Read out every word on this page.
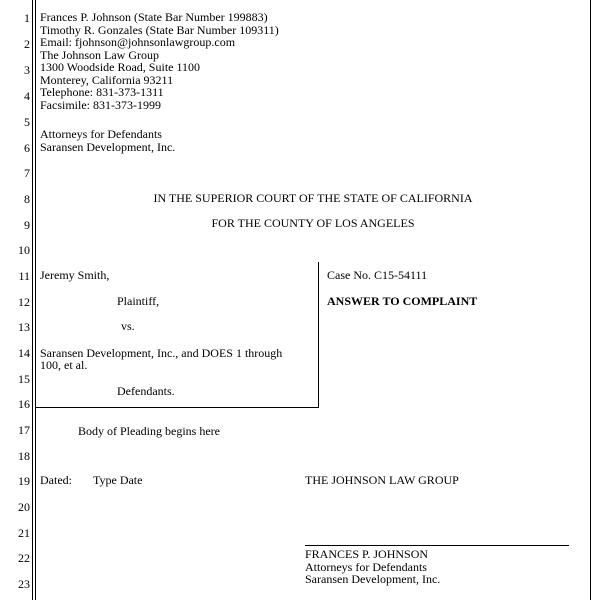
1
2
3
4
5
6
7
8
9
10
11
12
13
14
15
16
17
18
19
20
21
22
23
Frances P. Johnson (State Bar Number 199883)
Timothy R. Gonzales (State Bar Number 109311)
Email: fjohnson@johnsonlawgroup.com
The Johnson Law Group
1300 Woodside Road, Suite 1100
Monterey, California 93211
Telephone: 831-373-1311
Facsimile: 831-373-1999
Attorneys for Defendants
Saransen Development, Inc.
IN THE SUPERIOR COURT OF THE STATE OF CALIFORNIA
FOR THE COUNTY OF LOS ANGELES
Jeremy Smith,
Plaintiff,
vs.
Saransen Development, Inc., and DOES 1 through
100, et al.
Defendants.
Case No. C15-54111
ANSWER TO COMPLAINT
Body of Pleading begins here
Dated: Type Date	THE JOHNSON LAW GROUP
FRANCES P. JOHNSON
Attorneys for Defendants
Saransen Development, Inc.
